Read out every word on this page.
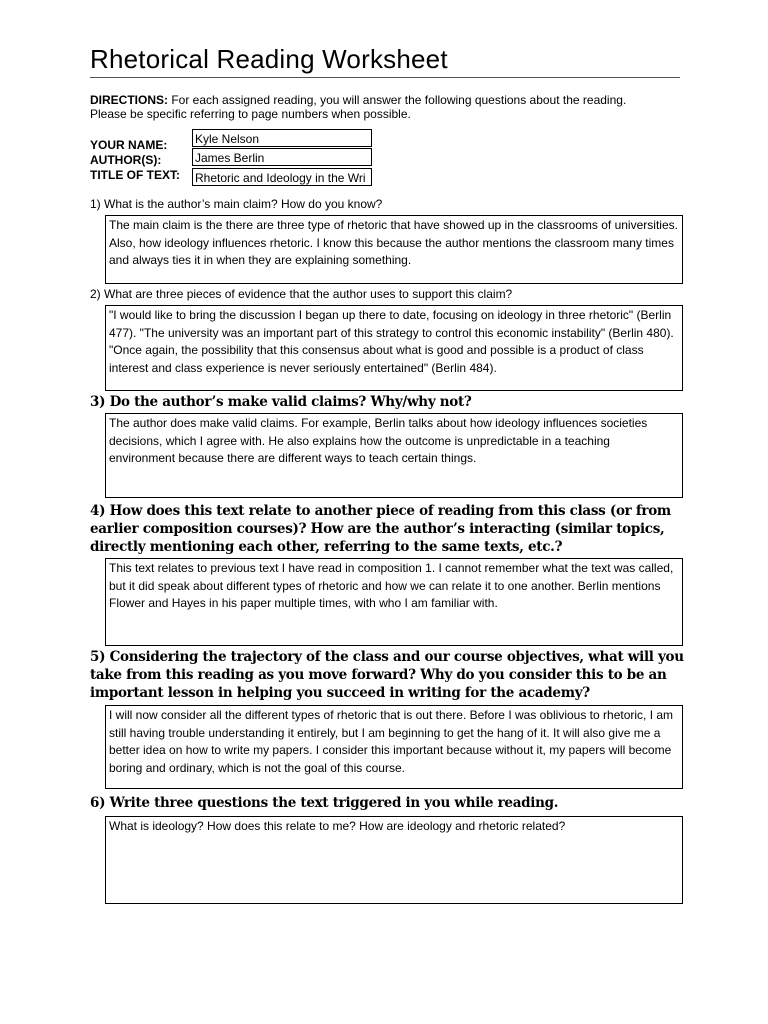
Rhetorical Reading Worksheet
DIRECTIONS: For each assigned reading, you will answer the following questions about the reading.
Please be specific referring to page numbers when possible.
YOUR NAME:
AUTHOR(S):
TITLE OF TEXT:
Kyle Nelson
James Berlin
Rhetoric and Ideology in the Wri
1) What is the author’s main claim? How do you know?
The main claim is the there are three type of rhetoric that have showed up in the classrooms of universities. Also, how ideology influences rhetoric. I know this because the author mentions the classroom many times and always ties it in when they are explaining something.
2) What are three pieces of evidence that the author uses to support this claim?
"I would like to bring the discussion I began up there to date, focusing on ideology in three rhetoric" (Berlin 477). "The university was an important part of this strategy to control this economic instability" (Berlin 480). "Once again, the possibility that this consensus about what is good and possible is a product of class interest and class experience is never seriously entertained" (Berlin 484).
3) Do the author’s make valid claims? Why/why not?
The author does make valid claims. For example, Berlin talks about how ideology influences societies decisions, which I agree with. He also explains how the outcome is unpredictable in a teaching environment because there are different ways to teach certain things.
4) How does this text relate to another piece of reading from this class (or from earlier composition courses)? How are the author’s interacting (similar topics, directly mentioning each other, referring to the same texts, etc.?
This text relates to previous text I have read in composition 1. I cannot remember what the text was called, but it did speak about different types of rhetoric and how we can relate it to one another. Berlin mentions Flower and Hayes in his paper multiple times, with who I am familiar with.
5) Considering the trajectory of the class and our course objectives, what will you take from this reading as you move forward? Why do you consider this to be an important lesson in helping you succeed in writing for the academy?
I will now consider all the different types of rhetoric that is out there. Before I was oblivious to rhetoric, I am still having trouble understanding it entirely, but I am beginning to get the hang of it. It will also give me a better idea on how to write my papers. I consider this important because without it, my papers will become boring and ordinary, which is not the goal of this course.
6) Write three questions the text triggered in you while reading.
What is ideology? How does this relate to me? How are ideology and rhetoric related?
